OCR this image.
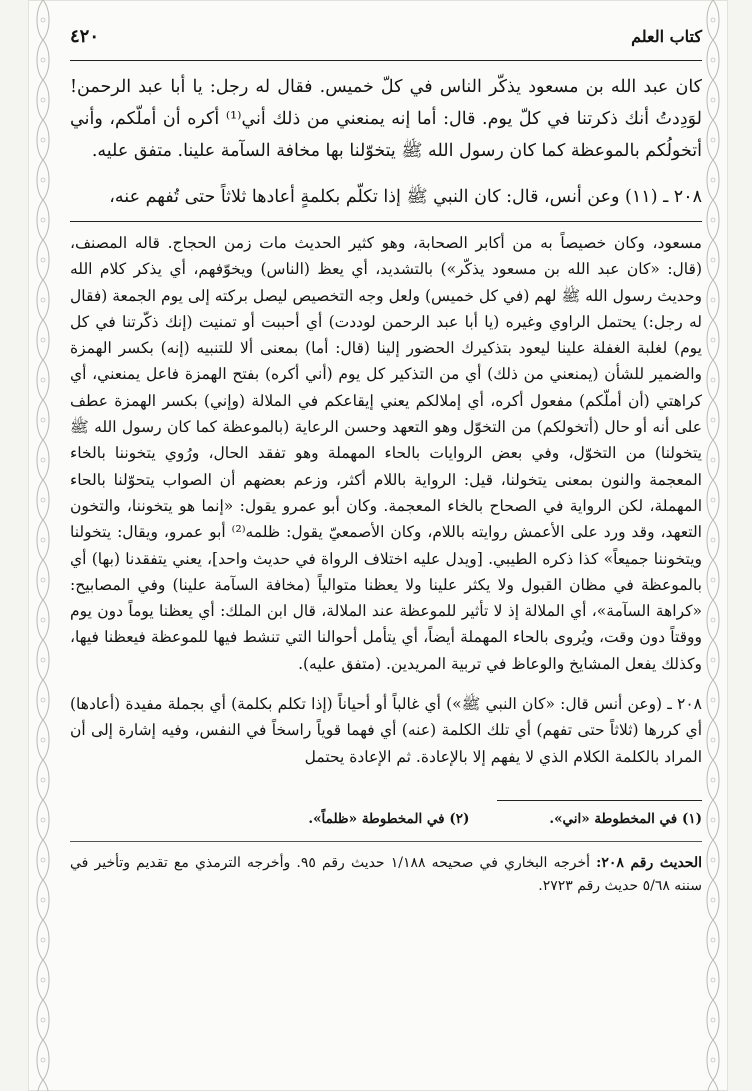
كتاب العلم
٤٢٠

كان عبد الله بن مسعود يذكّر الناس في كلّ خميس. فقال له رجل: يا أبا عبد الرحمن! لوَدِدتُ أنك ذكرتنا في كلّ يوم. قال: أما إنه يمنعني من ذلك أني⁽¹⁾ أكره أن أملّكم، وأني أتخولُكم بالموعظة كما كان رسول الله ﷺ يتخوّلنا بها مخافة السآمة علينا. متفق عليه.

٢٠٨ ـ (١١) وعن أنس، قال: كان النبي ﷺ إذا تكلّم بكلمةٍ أعادها ثلاثاً حتى تُفهم عنه،

مسعود، وكان خصيصاً به من أكابر الصحابة، وهو كثير الحديث مات زمن الحجاج. قاله المصنف، (قال: «كان عبد الله بن مسعود يذكّر») بالتشديد، أي يعظ (الناس) ويخوّفهم، أي يذكر كلام الله وحديث رسول الله ﷺ لهم (في كل خميس) ولعل وجه التخصيص ليصل بركته إلى يوم الجمعة (فقال له رجل:) يحتمل الراوي وغيره (يا أبا عبد الرحمن لوددت) أي أحببت أو تمنيت (إنك ذكّرتنا في كل يوم) لغلبة الغفلة علينا ليعود بتذكيرك الحضور إلينا (قال: أما) بمعنى ألا للتنبيه (إنه) بكسر الهمزة والضمير للشأن (يمنعني من ذلك) أي من التذكير كل يوم (أني أكره) بفتح الهمزة فاعل يمنعني، أي كراهتي (أن أملّكم) مفعول أكره، أي إملالكم يعني إيقاعكم في الملالة (وإني) بكسر الهمزة عطف على أنه أو حال (أتخولكم) من التخوّل وهو التعهد وحسن الرعاية (بالموعظة كما كان رسول الله ﷺ يتخولنا) من التخوّل، وفي بعض الروايات بالحاء المهملة وهو تفقد الحال، ورُوي يتخوننا بالخاء المعجمة والنون بمعنى يتخولنا، قيل: الرواية باللام أكثر، وزعم بعضهم أن الصواب يتحوّلنا بالحاء المهملة، لكن الرواية في الصحاح بالخاء المعجمة. وكان أبو عمرو يقول: «إنما هو يتخوننا، والتخون التعهد، وقد ورد على الأعمش روايته باللام، وكان الأصمعيّ يقول: ظلمه⁽²⁾ أبو عمرو، ويقال: يتخولنا ويتخوننا جميعاً» كذا ذكره الطيبي. [ويدل عليه اختلاف الرواة في حديث واحد]، يعني يتفقدنا (بها) أي بالموعظة في مظان القبول ولا يكثر علينا ولا يعظنا متوالياً (مخافة السآمة علينا) وفي المصابيح: «كراهة السآمة»، أي الملالة إذ لا تأثير للموعظة عند الملالة، قال ابن الملك: أي يعظنا يوماً دون يوم ووقتاً دون وقت، ويُروى بالحاء المهملة أيضاً، أي يتأمل أحوالنا التي تنشط فيها للموعظة فيعظنا فيها، وكذلك يفعل المشايخ والوعاظ في تربية المريدين. (متفق عليه).

٢٠٨ ـ (وعن أنس قال: «كان النبي ﷺ») أي غالباً أو أحياناً (إذا تكلم بكلمة) أي بجملة مفيدة (أعادها) أي كررها (ثلاثاً حتى تفهم) أي تلك الكلمة (عنه) أي فهما قوياً راسخاً في النفس، وفيه إشارة إلى أن المراد بالكلمة الكلام الذي لا يفهم إلا بالإعادة. ثم الإعادة يحتمل

(١) في المخطوطة «اني».
(٢) في المخطوطة «ظلماً».
الحديث رقم ٢٠٨: أخرجه البخاري في صحيحه ١/١٨٨ حديث رقم ٩٥. وأخرجه الترمذي مع تقديم وتأخير في سننه ٥/٦٨ حديث رقم ٢٧٢٣.
